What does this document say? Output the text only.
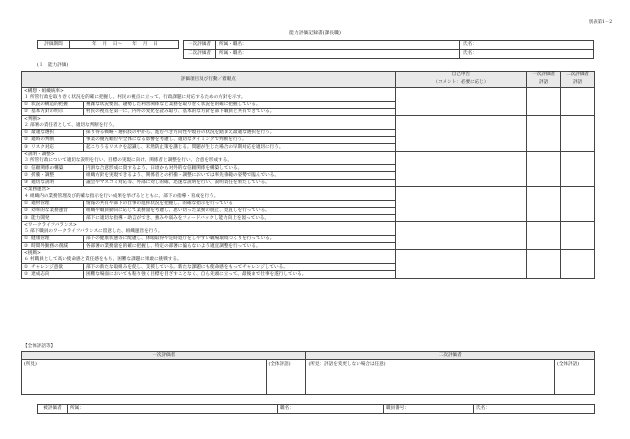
別表第1－2
能力評価記録書(課長職)
評価期間	年 月 日～ 年 月 日	一次評価者	所属・職名：	氏名：
二次評価者	所属・職名：	氏名：
(１　能力評価)
評価項目及び行動／着眼点	自己申告	一次評価者	二次評価者
	（コメント：必要に応じ）	評語	評語
<構想・組織統率>			
１ 所管行政を取り巻く状況を的確に把握し、村民の視点に立って、行政課題に対応するための方針を示す。			

① 状況の構造的把握 複雑な状況要因、趨勢した利害関係など業務を取り巻く状況を的確に把握している。			

② 基本方針の明示 村民の視点を第一に、内外の変化を読み取り、基本的な方針を部下職員と共有できている。			

<判断>			
２ 部署の責任者として、適切な判断を行う。			

① 最適な選択 採り得る戦略・選択肢の中から、進むべき方向性や現存の状況を踏まえ最適な選択を行う。			

② 適時の判断 事業の優先順位や全体になる影響を考慮し、適切なタイミングで判断を行う。			

③ リスク対応 起こりうるリスクを認識し、未然防止策を講じる。問題が生じた場合の早期対応を適切に行う。			

<説明・調整>			
３ 所管行政について適切な説明を行い、目標の実現に向け、関係者と調整を行い、合意を形成する。			

① 信頼関係の構築 円滑な合意形成に資するよう、日頃から対外的な信頼関係を構築している。			

② 折衝・調整 組織方針を実現できるよう、関係者との折衝・調整においては率先垂範の姿勢で臨んでいる。			

③ 適切な説明 議会やマスコミ対応等、外部に対し的確、迅速な説明を行い、説明責任を果たしている。			

<業務運営>			
４ 組織内の業務管理及び的確な指示を行い成果を挙げるとともに、部下の指導・育成を行う。			

① 適材管理 情報の共有や部下の仕事の進捗状況を把握し、的確な指示を行っている			

② 効率的な業務運営 組織や職員動向に応じて業務量を考慮し、思い切った業務の廃止、見直しを行っている。			

③ 能力開発 部下に適切な指導・助言ができ、強みや弱みをフィードバックし能力向上を図っている。			

<ワークライフバランス>			
５ 部下職員のワークライフバランスに留意した、組織運営を行う。			

① 健康管理 部下の健康状態等に配慮し、休暇取得や定時退庁をしやすい職場環境づくりを行っている。			

② 時間外勤務の削減 各部署の業務量を的確に把握し、特定の部署に偏らないよう適宜調整を行っている。			

<挑戦>			
６ 村職員として高い使命感と責任感をもち、困難な課題に果敢に挑戦する。			

① チャレンジ意欲 部下の新たな取組みを促し、支援している。新たな課題にも使命感をもってチャレンジしている。			

② 達成志向 困難な場面においても粘り強く目標を目ざすことなく、自ら先頭に立って、最後まで仕事を遂行している。			
【全体評語等】
一次評価者		二次評価者	
(所見)	(全体評語)	(所見：評語を変更しない場合は任意)	(全体評語)
被評価者	所属：	職名：	職員番号：	氏名：
